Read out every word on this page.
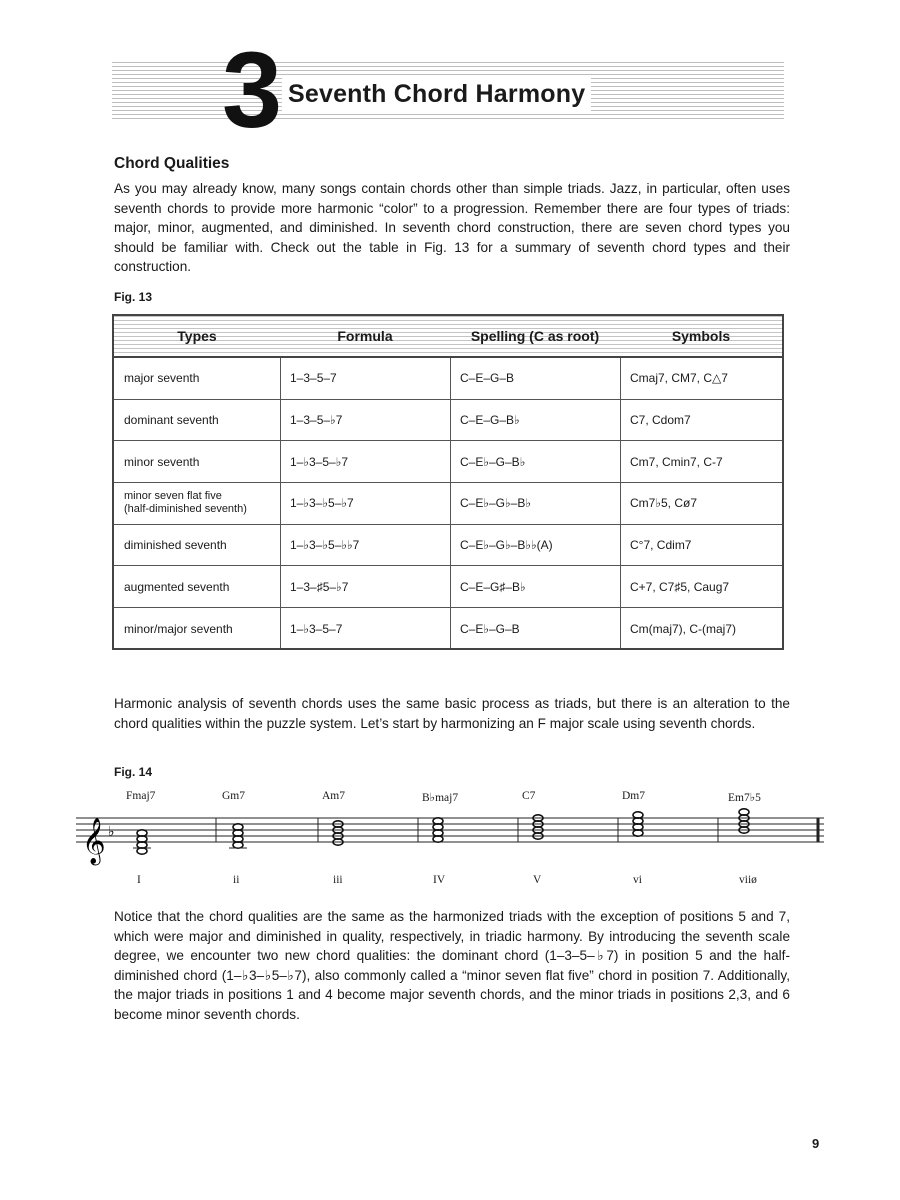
3 Seventh Chord Harmony
Chord Qualities

As you may already know, many songs contain chords other than simple triads. Jazz, in particular, often uses seventh chords to provide more harmonic “color” to a progression. Remember there are four types of triads: major, minor, augmented, and diminished. In seventh chord construction, there are seven chord types you should be familiar with. Check out the table in Fig. 13 for a summary of seventh chord types and their construction.

Fig. 13
Types	Formula	Spelling (C as root)	Symbols
major seventh	1–3–5–7	C–E–G–B	Cmaj7, CM7, C△7
dominant seventh	1–3–5–♭7	C–E–G–B♭	C7, Cdom7
minor seventh	1–♭3–5–♭7	C–E♭–G–B♭	Cm7, Cmin7, C-7
minor seven flat five
(half-diminished seventh)	1–♭3–♭5–♭7	C–E♭–G♭–B♭	Cm7♭5, Cø7
diminished seventh	1–♭3–♭5–♭♭7	C–E♭–G♭–B♭♭(A)	C°7, Cdim7
augmented seventh	1–3–♯5–♭7	C–E–G♯–B♭	C+7, C7♯5, Caug7
minor/major seventh	1–♭3–5–7	C–E♭–G–B	Cm(maj7), C-(maj7)

Harmonic analysis of seventh chords uses the same basic process as triads, but there is an alteration to the chord qualities within the puzzle system. Let’s start by harmonizing an F major scale using seventh chords.

Fig. 14
𝄞 ♭
Fmaj7	Gm7	Am7	B♭maj7	C7	Dm7	Em7♭5
I	ii	iii	IV	V	vi	viiø

Notice that the chord qualities are the same as the harmonized triads with the exception of positions 5 and 7, which were major and diminished in quality, respectively, in triadic harmony. By introducing the seventh scale degree, we encounter two new chord qualities: the dominant chord (1–3–5–♭7) in position 5 and the half-diminished chord (1–♭3–♭5–♭7), also commonly called a “minor seven flat five” chord in position 7. Additionally, the major triads in positions 1 and 4 become major seventh chords, and the minor triads in positions 2,3, and 6 become minor seventh chords.

9
